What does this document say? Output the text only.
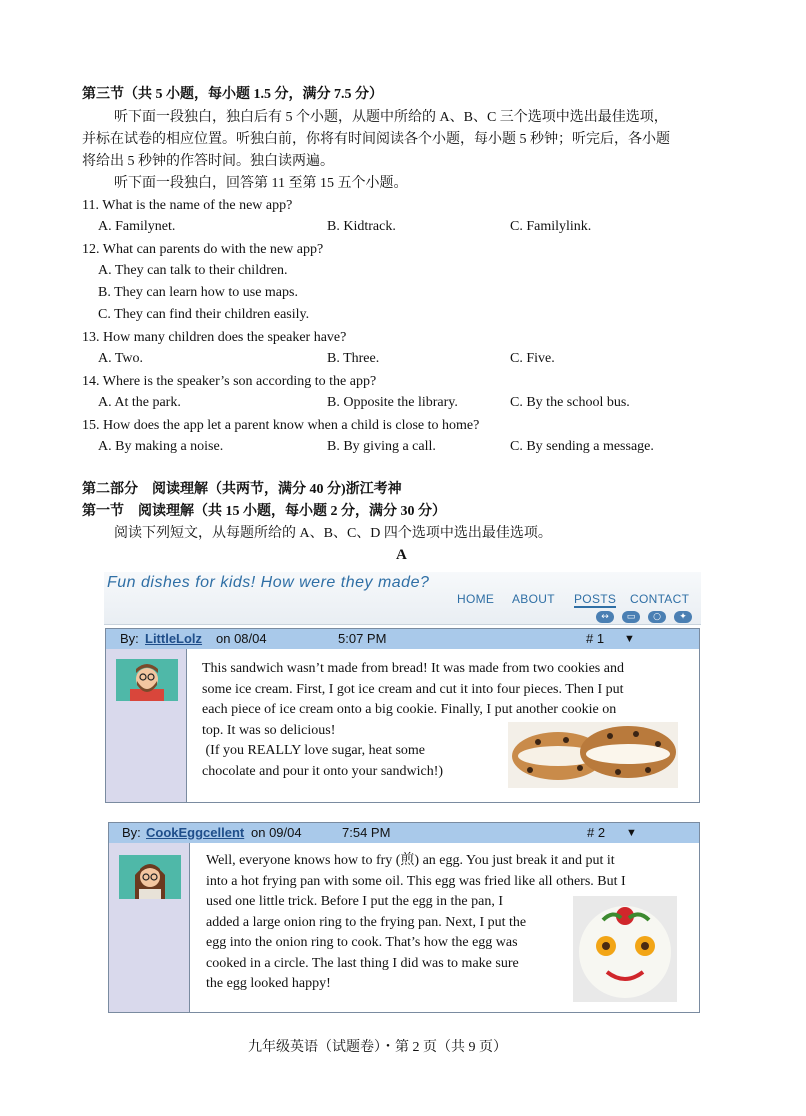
第三节（共 5 小题，每小题 1.5 分，满分 7.5 分）
听下面一段独白，独白后有 5 个小题，从题中所给的 A、B、C 三个选项中选出最佳选项，
并标在试卷的相应位置。听独白前，你将有时间阅读各个小题，每小题 5 秒钟；听完后，各小题
将给出 5 秒钟的作答时间。独白读两遍。
听下面一段独白，回答第 11 至第 15 五个小题。
11. What is the name of the new app?
A. Familynet.	B. Kidtrack.	C. Familylink.
12. What can parents do with the new app?
A. They can talk to their children.
B. They can learn how to use maps.
C. They can find their children easily.
13. How many children does the speaker have?
A. Two.	B. Three.	C. Five.
14. Where is the speaker’s son according to the app?
A. At the park.	B. Opposite the library.	C. By the school bus.
15. How does the app let a parent know when a child is close to home?
A. By making a noise.	B. By giving a call.	C. By sending a message.
第二部分　阅读理解（共两节，满分 40 分)浙江考神
第一节　阅读理解（共 15 小题，每小题 2 分，满分 30 分）
阅读下列短文，从每题所给的 A、B、C、D 四个选项中选出最佳选项。
A
Fun dishes for kids! How were they made?
HOME ABOUT POSTS CONTACT
↔	▭	○	✦
By: LittleLolz on 08/04	5:07 PM	# 1 ▼
This sandwich wasn’t made from bread! It was made from two cookies and
some ice cream. First, I got ice cream and cut it into four pieces. Then I put
each piece of ice cream onto a big cookie. Finally, I put another cookie on
top. It was so delicious!
(If you REALLY love sugar, heat some
chocolate and pour it onto your sandwich!)
By: CookEggcellent on 09/04	7:54 PM	# 2 ▼
Well, everyone knows how to fry (煎) an egg. You just break it and put it
into a hot frying pan with some oil. This egg was fried like all others. But I
used one little trick. Before I put the egg in the pan, I
added a large onion ring to the frying pan. Next, I put the
egg into the onion ring to cook. That’s how the egg was
cooked in a circle. The last thing I did was to make sure
the egg looked happy!
九年级英语（试题卷）・第 2 页（共 9 页）
